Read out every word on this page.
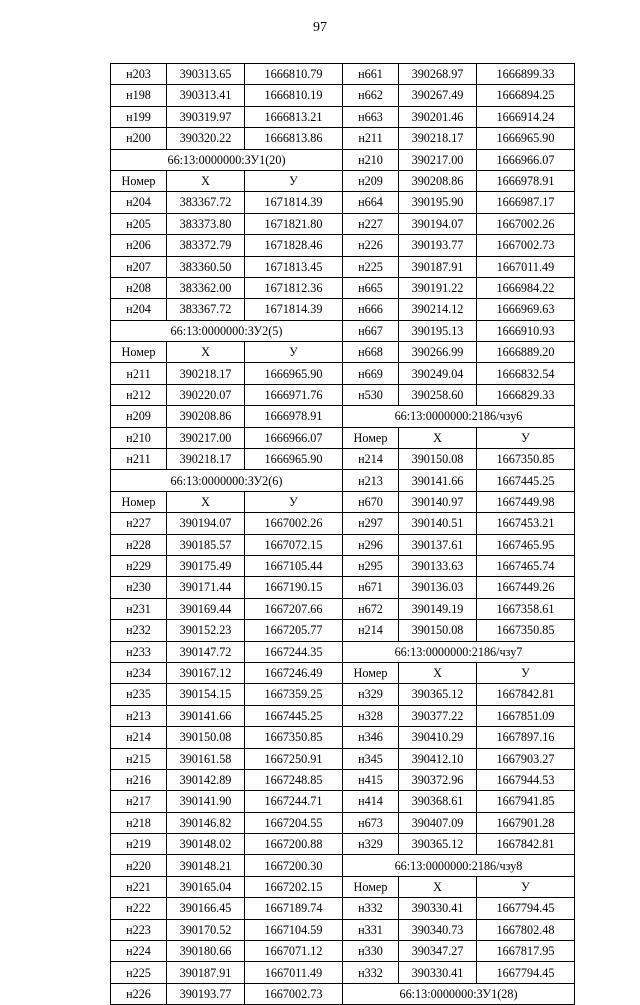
97
н203	390313.65	1666810.79	н661	390268.97	1666899.33
н198	390313.41	1666810.19	н662	390267.49	1666894.25
н199	390319.97	1666813.21	н663	390201.46	1666914.24
н200	390320.22	1666813.86	н211	390218.17	1666965.90
66:13:0000000:ЗУ1(20)			н210	390217.00	1666966.07
Номер	X	У	н209	390208.86	1666978.91
н204	383367.72	1671814.39	н664	390195.90	1666987.17
н205	383373.80	1671821.80	н227	390194.07	1667002.26
н206	383372.79	1671828.46	н226	390193.77	1667002.73
н207	383360.50	1671813.45	н225	390187.91	1667011.49
н208	383362.00	1671812.36	н665	390191.22	1666984.22
н204	383367.72	1671814.39	н666	390214.12	1666969.63
66:13:0000000:ЗУ2(5)			н667	390195.13	1666910.93
Номер	X	У	н668	390266.99	1666889.20
н211	390218.17	1666965.90	н669	390249.04	1666832.54
н212	390220.07	1666971.76	н530	390258.60	1666829.33
н209	390208.86	1666978.91	66:13:0000000:2186/чзу6		
н210	390217.00	1666966.07	Номер	X	У
н211	390218.17	1666965.90	н214	390150.08	1667350.85
66:13:0000000:ЗУ2(6)			н213	390141.66	1667445.25
Номер	X	У	н670	390140.97	1667449.98
н227	390194.07	1667002.26	н297	390140.51	1667453.21
н228	390185.57	1667072.15	н296	390137.61	1667465.95
н229	390175.49	1667105.44	н295	390133.63	1667465.74
н230	390171.44	1667190.15	н671	390136.03	1667449.26
н231	390169.44	1667207.66	н672	390149.19	1667358.61
н232	390152.23	1667205.77	н214	390150.08	1667350.85
н233	390147.72	1667244.35	66:13:0000000:2186/чзу7		
н234	390167.12	1667246.49	Номер	X	У
н235	390154.15	1667359.25	н329	390365.12	1667842.81
н213	390141.66	1667445.25	н328	390377.22	1667851.09
н214	390150.08	1667350.85	н346	390410.29	1667897.16
н215	390161.58	1667250.91	н345	390412.10	1667903.27
н216	390142.89	1667248.85	н415	390372.96	1667944.53
н217	390141.90	1667244.71	н414	390368.61	1667941.85
н218	390146.82	1667204.55	н673	390407.09	1667901.28
н219	390148.02	1667200.88	н329	390365.12	1667842.81
н220	390148.21	1667200.30	66:13:0000000:2186/чзу8		
н221	390165.04	1667202.15	Номер	X	У
н222	390166.45	1667189.74	н332	390330.41	1667794.45
н223	390170.52	1667104.59	н331	390340.73	1667802.48
н224	390180.66	1667071.12	н330	390347.27	1667817.95
н225	390187.91	1667011.49	н332	390330.41	1667794.45
н226	390193.77	1667002.73	66:13:0000000:ЗУ1(28)		
